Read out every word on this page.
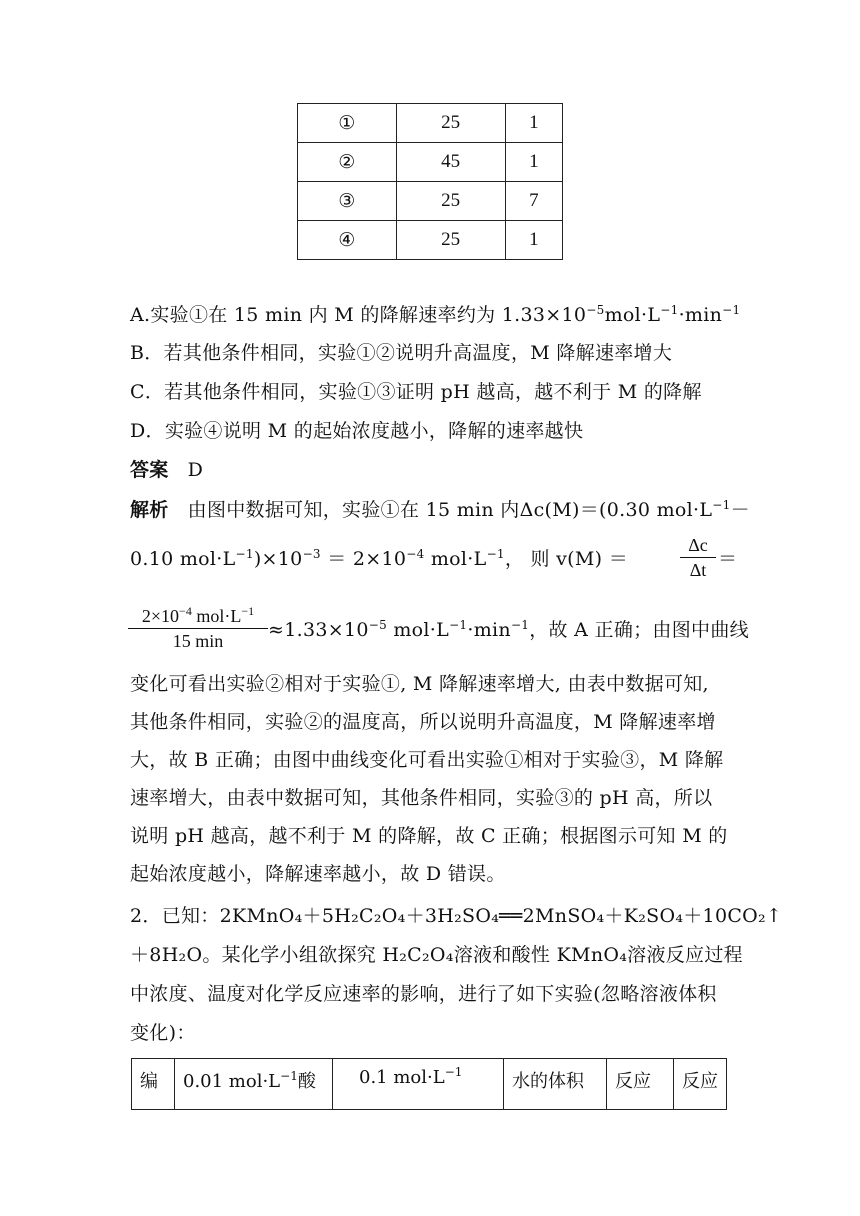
①	25	1
②	45	1
③	25	7
④	25	1
A.实验①在 15 min 内 M 的降解速率约为 $1.33\times 10^{-5}mol\cdot L^{-1}\cdot\min^{-1}$
B．若其他条件相同，实验①②说明升高温度，M 降解速率增大
C．若其他条件相同，实验①③证明 pH 越高，越不利于 M 的降解
D．实验④说明 M 的起始浓度越小，降解的速率越快
答案 D
解析 由图中数据可知，实验①在 15 min 内Δc(M)＝(0.30 $mol\cdot L^{-1}-$
0.10 $mol\cdot L^{-1})\times 10^{-3} = 2\times 10^{-4}$ $mol\cdot L^{-1}$， 则 v(M) ＝
Δc
Δt ＝
$2\times 10^{-4}$ $mol\cdot L^{-1}$
15 min	$\approx 1.33\times 10^{-5}$ $mol\cdot L^{-1}\cdot\min^{-1}$，故 A 正确；由图中曲线
变化可看出实验②相对于实验①, M 降解速率增大, 由表中数据可知,
其他条件相同，实验②的温度高，所以说明升高温度，M 降解速率增
大，故 B 正确；由图中曲线变化可看出实验①相对于实验③，M 降解
速率增大，由表中数据可知，其他条件相同，实验③的 pH 高，所以
说明 pH 越高，越不利于 M 的降解，故 C 正确；根据图示可知 M 的
起始浓度越小，降解速率越小，故 D 错误。
2．已知：2KMnO₄＋5H₂C₂O₄＋3H₂SO₄══2MnSO₄＋K₂SO₄＋10CO₂↑
＋8H₂O。某化学小组欲探究 H₂C₂O₄溶液和酸性 KMnO₄溶液反应过程
中浓度、温度对化学反应速率的影响，进行了如下实验(忽略溶液体积
变化)：
编	0.01 $mol\cdot L^{-1}$酸	0.1 $mol\cdot L^{-1}$	水的体积	反应	反应
